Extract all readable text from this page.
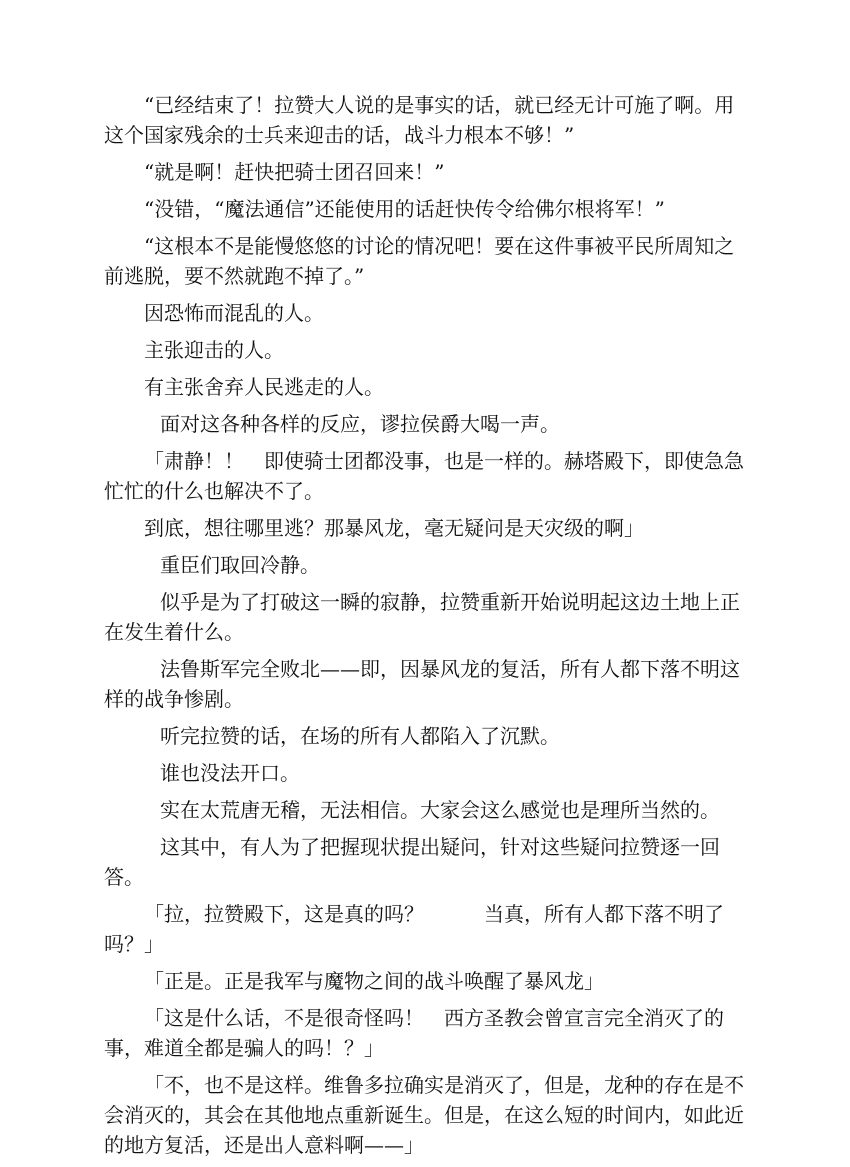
“已经结束了！拉赞大人说的是事实的话，就已经无计可施了啊。用这个国家残余的士兵来迎击的话，战斗力根本不够！”

“就是啊！赶快把骑士团召回来！”

“没错，“魔法通信”还能使用的话赶快传令给佛尔根将军！”

“这根本不是能慢悠悠的讨论的情况吧！要在这件事被平民所周知之前逃脱，要不然就跑不掉了。”

因恐怖而混乱的人。

主张迎击的人。

有主张舍弃人民逃走的人。

面对这各种各样的反应，谬拉侯爵大喝一声。

「肃静！！　即使骑士团都没事，也是一样的。赫塔殿下，即使急急忙忙的什么也解决不了。

到底，想往哪里逃？那暴风龙，毫无疑问是天灾级的啊」

重臣们取回冷静。

似乎是为了打破这一瞬的寂静，拉赞重新开始说明起这边土地上正在发生着什么。

法鲁斯军完全败北——即，因暴风龙的复活，所有人都下落不明这样的战争惨剧。

听完拉赞的话，在场的所有人都陷入了沉默。

谁也没法开口。

实在太荒唐无稽，无法相信。大家会这么感觉也是理所当然的。

这其中，有人为了把握现状提出疑问，针对这些疑问拉赞逐一回答。

「拉，拉赞殿下，这是真的吗？　　　当真，所有人都下落不明了吗？」

「正是。正是我军与魔物之间的战斗唤醒了暴风龙」

「这是什么话，不是很奇怪吗！　西方圣教会曾宣言完全消灭了的事，难道全都是骗人的吗！？」

「不，也不是这样。维鲁多拉确实是消灭了，但是，龙种的存在是不会消灭的，其会在其他地点重新诞生。但是，在这么短的时间内，如此近的地方复活，还是出人意料啊——」
